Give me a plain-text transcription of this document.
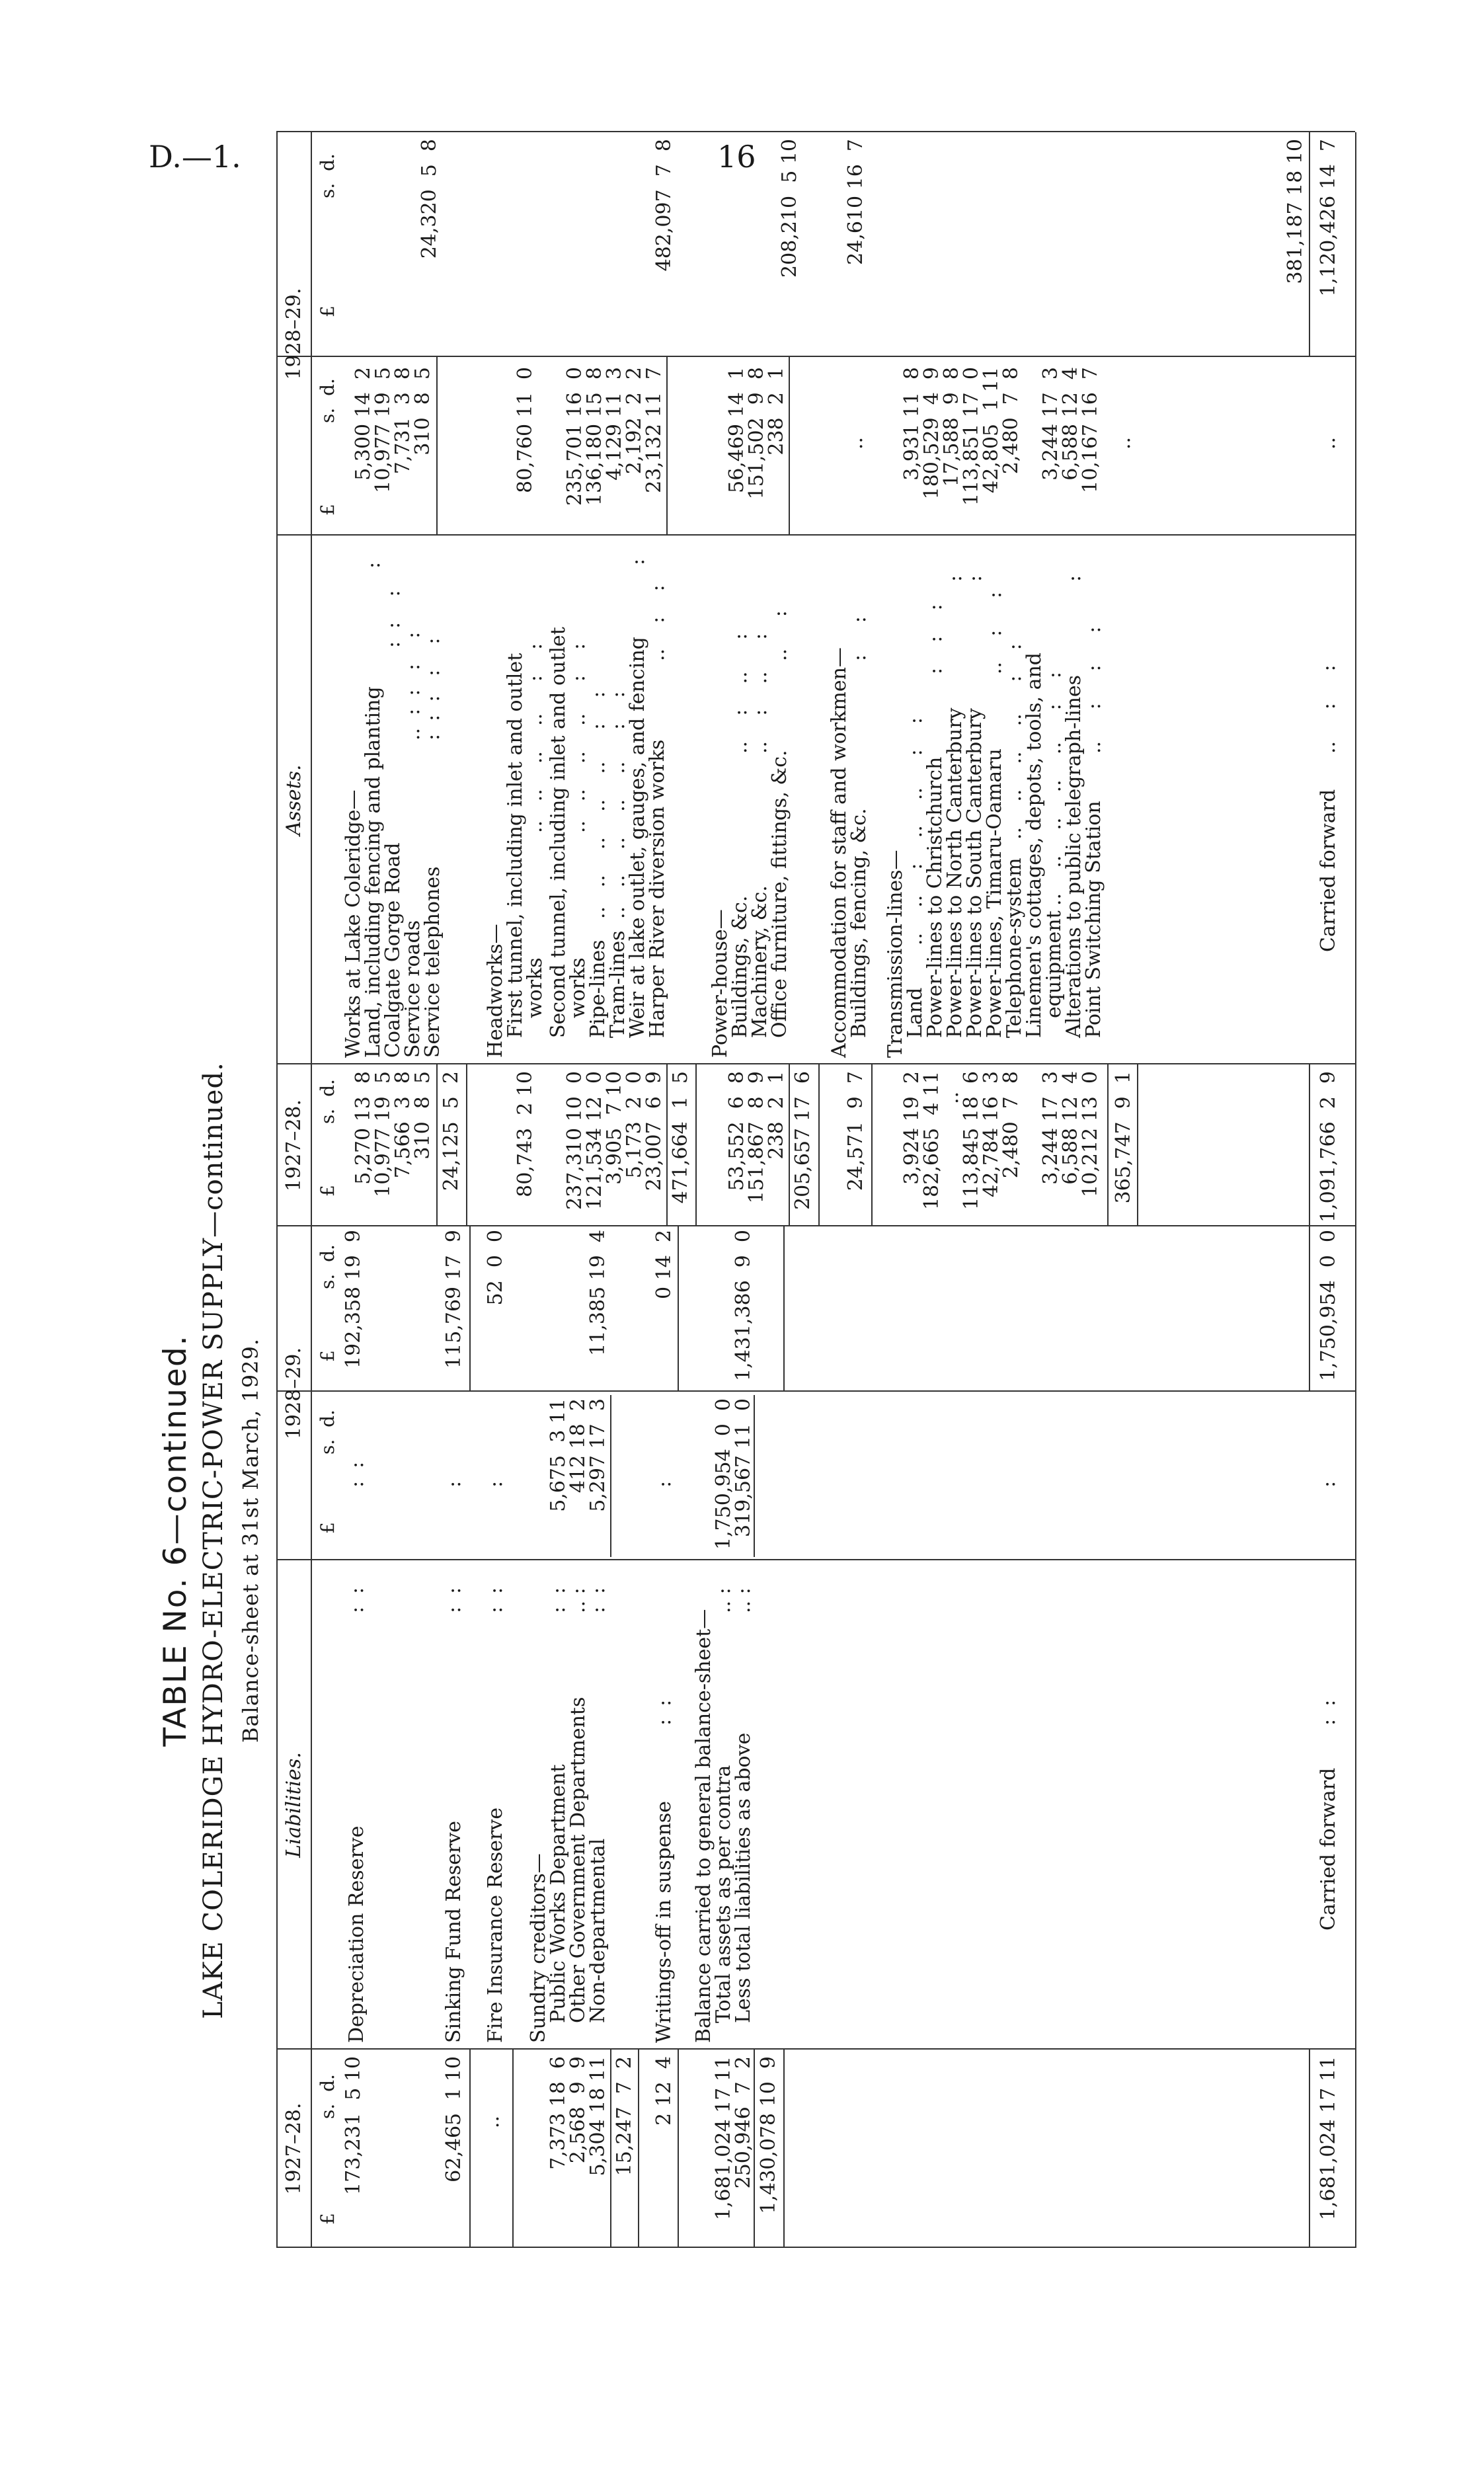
D.—1.	16
TABLE No. 6—continued. LAKE COLERIDGE HYDRO-ELECTRIC-POWER SUPPLY—continued. Balance-sheet at 31st March, 1929.
1927–28.
Liabilities.
1928–29.
1927–28.
Assets.
1928–29.
£
s.  d.
£
s.  d.
£
s.  d.
£
s.  d.
£
s.  d.
£
s.  d.
173,231  5 10
Depreciation Reserve
:  :
:  :
192,358 19  9
62,465  1 10
Sinking Fund Reserve
:  :
:
115,769 17  9
..
Fire Insurance Reserve
:  :
:
52  0  0
Sundry creditors—
7,373 18  6
Public Works Department
:  :
5,675  3 11
2,568  9  9
Other Government Departments
.. :
412 18  2
5,304 18 11
Non-departmental
:  :
5,297 17  3
11,385 19  4
15,247  7  2 2 12  4
Writings-off in suspense
:  :
:
0 14  2
Balance carried to general balance-sheet—
1,681,024 17 11
Total assets as per contra
.. :
1,750,954  0  0
250,946  7  2
Less total liabilities as above
.. :
319,567 11  0
1,431,386  9  0
1,430,078 10  9	1,681,024 17 11
Carried forward
:  :
:
1,750,954  0  0
Works at Lake Coleridge—
5,270 13  8
Land, including fencing and planting
:
5,300 14  2
10,977 19  5
Coalgate Gorge Road
:  :    :
10,977 19  5
7,566  3  8
Service roads
..  :  :   :    :
7,731  3  8
310  8  5
Service telephones
:  :  :   :    :
310  8  5
24,320  5  8
24,125  5  2
Headworks—
First tunnel, including inlet and outlet
80,743  2 10
works
..   ..    ..    ..     :    :
80,760 11  0
Second tunnel, including inlet and outlet
works
..   ..    ..    ..     :    :
237,310 10  0
235,701 16  0
Pipe-lines
..   ..    ..    ..    ..     :    :
121,534 12  0
136,180 15  8
Tram-lines
..   ..    ..    ..    ..     :    :
3,905  7 10
4,129 11  3
Weir at lake outlet, gauges, and fencing
:
5,173  2  0
2,192  2  2
Harper River diversion works
..    :    :
23,007  6  9
23,132 11  7
482,097  7  8
471,664  1  5
Power-house—
Buildings, &c.
..    :    ..     :
53,552  6  8
56,469 14  1
Machinery, &c.
..    :    ..     :
151,867  8  9
151,502  9  8
Office furniture, fittings, &c.
..     :
238  2  1
238  2  1
208,210  5 10
205,657 17  6
Accommodation for staff and workmen—
Buildings, fencing, &c.
:     :
24,571  9  7
..
24,610 16  7
Transmission-lines—
Land
..    ..    :    ..    ..     :    :
3,924 19  2
3,931 11  8
Power-lines to Christchurch
:    :    :
182,665  4 11
180,529  4  9
Power-lines to North Canterbury
:
..
17,588  9  8
Power-lines to South Canterbury
:
113,845 18  6
113,851 17  0
Power-lines, Timaru-Oamaru
..    :     :
42,784 16  3
42,805  1 11
Telephone-system
..    ..    ..    ..     :    :
2,480  7  8
2,480  7  8
Linemen's cottages, depots, tools, and
equipment
..    ..    ..    ..    ..     :    :
3,244 17  3
3,244 17  3
Alterations to public telegraph-lines
:
6,588 12  4
6,588 12  4
Point Switching Station
..     :     :     :
10,212 13  0
10,167 16  7
365,747  9  1
..
381,187 18 10
1,091,766  2  9
Carried forward
..     :     :
..
1,120,426 14  7
